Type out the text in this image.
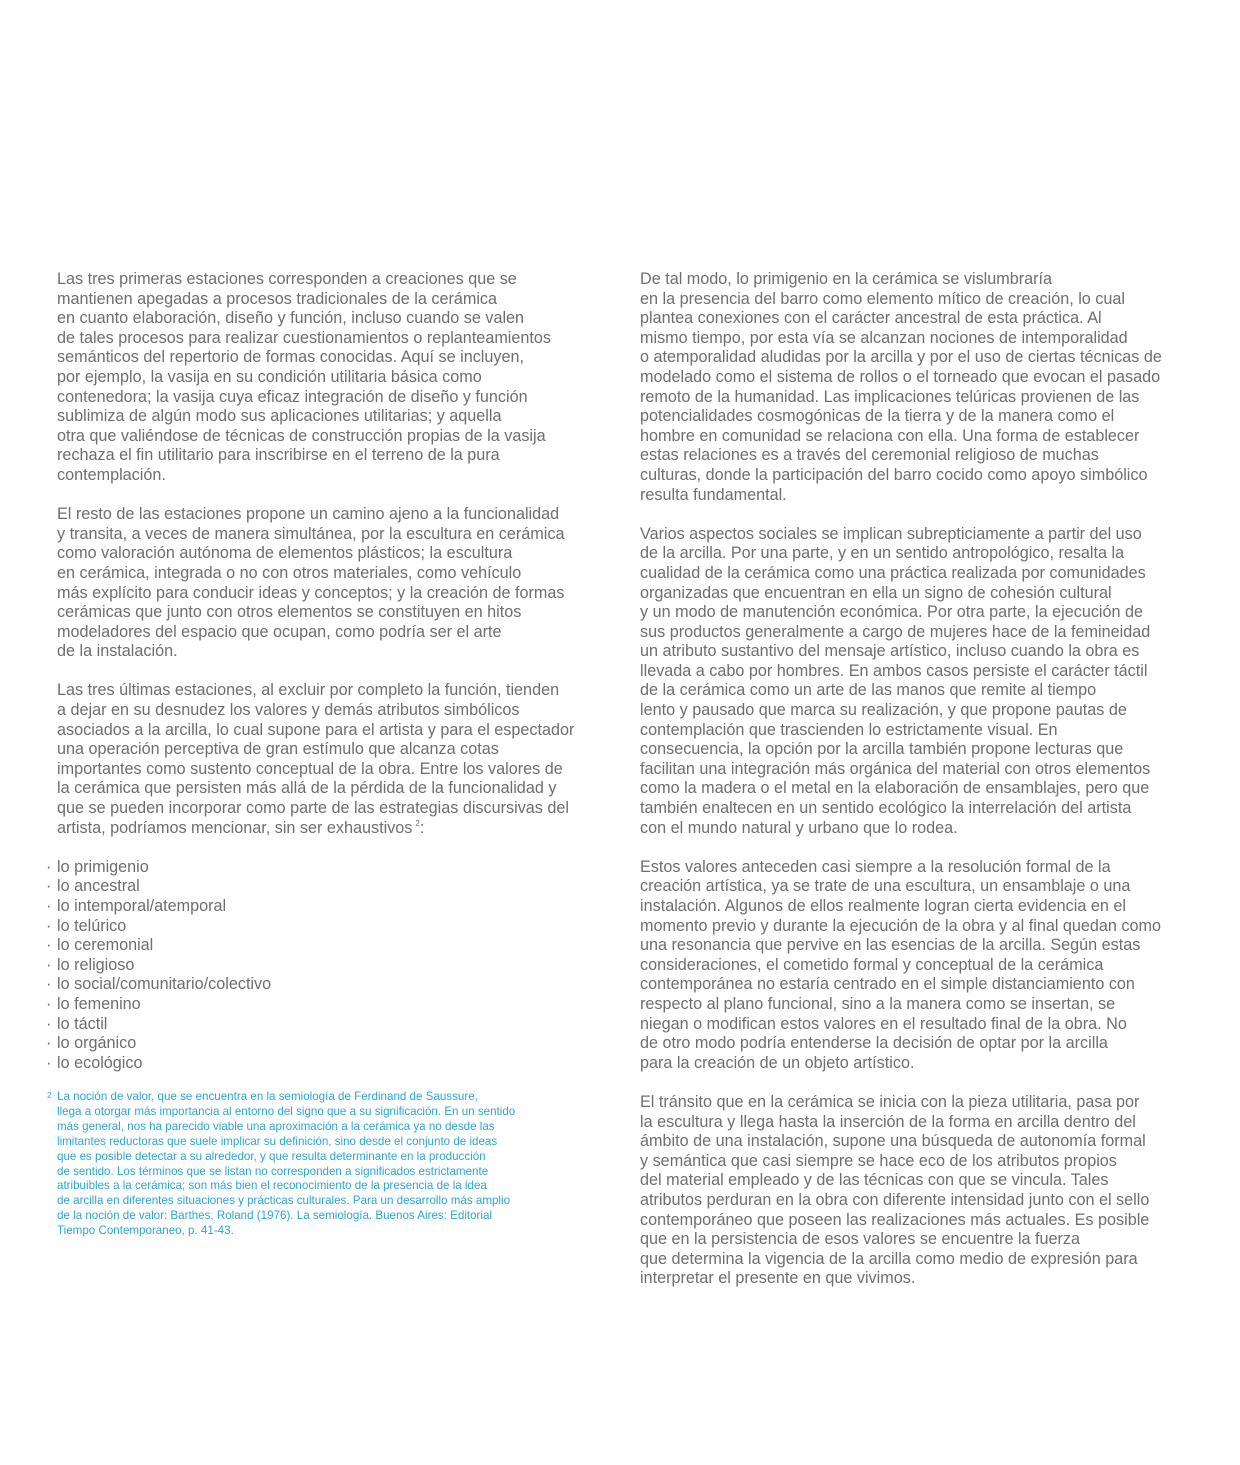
Las tres primeras estaciones corresponden a creaciones que se
mantienen apegadas a procesos tradicionales de la cerámica
en cuanto elaboración, diseño y función, incluso cuando se valen
de tales procesos para realizar cuestionamientos o replanteamientos
semánticos del repertorio de formas conocidas. Aquí se incluyen,
por ejemplo, la vasija en su condición utilitaria básica como
contenedora; la vasija cuya eficaz integración de diseño y función
sublimiza de algún modo sus aplicaciones utilitarias; y aquella
otra que valiéndose de técnicas de construcción propias de la vasija
rechaza el fin utilitario para inscribirse en el terreno de la pura
contemplación.
El resto de las estaciones propone un camino ajeno a la funcionalidad
y transita, a veces de manera simultánea, por la escultura en cerámica
como valoración autónoma de elementos plásticos; la escultura
en cerámica, integrada o no con otros materiales, como vehículo
más explícito para conducir ideas y conceptos; y la creación de formas
cerámicas que junto con otros elementos se constituyen en hitos
modeladores del espacio que ocupan, como podría ser el arte
de la instalación.
Las tres últimas estaciones, al excluir por completo la función, tienden
a dejar en su desnudez los valores y demás atributos simbólicos
asociados a la arcilla, lo cual supone para el artista y para el espectador
una operación perceptiva de gran estímulo que alcanza cotas
importantes como sustento conceptual de la obra. Entre los valores de
la cerámica que persisten más allá de la pérdida de la funcionalidad y
que se pueden incorporar como parte de las estrategias discursivas del
artista, podríamos mencionar, sin ser exhaustivos $^2$:
· lo primigenio
· lo ancestral
· lo intemporal/atemporal
· lo telúrico
· lo ceremonial
· lo religioso
· lo social/comunitario/colectivo
· lo femenino
· lo táctil
· lo orgánico
· lo ecológico
2 La noción de valor, que se encuentra en la semiología de Ferdinand de Saussure,
llega a otorgar más importancia al entorno del signo que a su significación. En un sentido
más general, nos ha parecido viable una aproximación a la cerámica ya no desde las
limitantes reductoras que suele implicar su definición, sino desde el conjunto de ideas
que es posible detectar a su alrededor, y que resulta determinante en la producción
de sentido. Los términos que se listan no corresponden a significados estrictamente
atribuibles a la cerámica; son más bien el reconocimiento de la presencia de la idea
de arcilla en diferentes situaciones y prácticas culturales. Para un desarrollo más amplio
de la noción de valor: Barthes, Roland (1976). La semiología. Buenos Aires: Editorial
Tiempo Contemporaneo, p. 41-43.
De tal modo, lo primigenio en la cerámica se vislumbraría
en la presencia del barro como elemento mítico de creación, lo cual
plantea conexiones con el carácter ancestral de esta práctica. Al
mismo tiempo, por esta vía se alcanzan nociones de intemporalidad
o atemporalidad aludidas por la arcilla y por el uso de ciertas técnicas de
modelado como el sistema de rollos o el torneado que evocan el pasado
remoto de la humanidad. Las implicaciones telúricas provienen de las
potencialidades cosmogónicas de la tierra y de la manera como el
hombre en comunidad se relaciona con ella. Una forma de establecer
estas relaciones es a través del ceremonial religioso de muchas
culturas, donde la participación del barro cocido como apoyo simbólico
resulta fundamental.
Varios aspectos sociales se implican subrepticiamente a partir del uso
de la arcilla. Por una parte, y en un sentido antropológico, resalta la
cualidad de la cerámica como una práctica realizada por comunidades
organizadas que encuentran en ella un signo de cohesión cultural
y un modo de manutención económica. Por otra parte, la ejecución de
sus productos generalmente a cargo de mujeres hace de la femineidad
un atributo sustantivo del mensaje artístico, incluso cuando la obra es
llevada a cabo por hombres. En ambos casos persiste el carácter táctil
de la cerámica como un arte de las manos que remite al tiempo
lento y pausado que marca su realización, y que propone pautas de
contemplación que trascienden lo estrictamente visual. En
consecuencia, la opción por la arcilla también propone lecturas que
facilitan una integración más orgánica del material con otros elementos
como la madera o el metal en la elaboración de ensamblajes, pero que
también enaltecen en un sentido ecológico la interrelación del artista
con el mundo natural y urbano que lo rodea.
Estos valores anteceden casi siempre a la resolución formal de la
creación artística, ya se trate de una escultura, un ensamblaje o una
instalación. Algunos de ellos realmente logran cierta evidencia en el
momento previo y durante la ejecución de la obra y al final quedan como
una resonancia que pervive en las esencias de la arcilla. Según estas
consideraciones, el cometido formal y conceptual de la cerámica
contemporánea no estaría centrado en el simple distanciamiento con
respecto al plano funcional, sino a la manera como se insertan, se
niegan o modifican estos valores en el resultado final de la obra. No
de otro modo podría entenderse la decisión de optar por la arcilla
para la creación de un objeto artístico.
El tránsito que en la cerámica se inicia con la pieza utilitaria, pasa por
la escultura y llega hasta la inserción de la forma en arcilla dentro del
ámbito de una instalación, supone una búsqueda de autonomía formal
y semántica que casi siempre se hace eco de los atributos propios
del material empleado y de las técnicas con que se vincula. Tales
atributos perduran en la obra con diferente intensidad junto con el sello
contemporáneo que poseen las realizaciones más actuales. Es posible
que en la persistencia de esos valores se encuentre la fuerza
que determina la vigencia de la arcilla como medio de expresión para
interpretar el presente en que vivimos.
